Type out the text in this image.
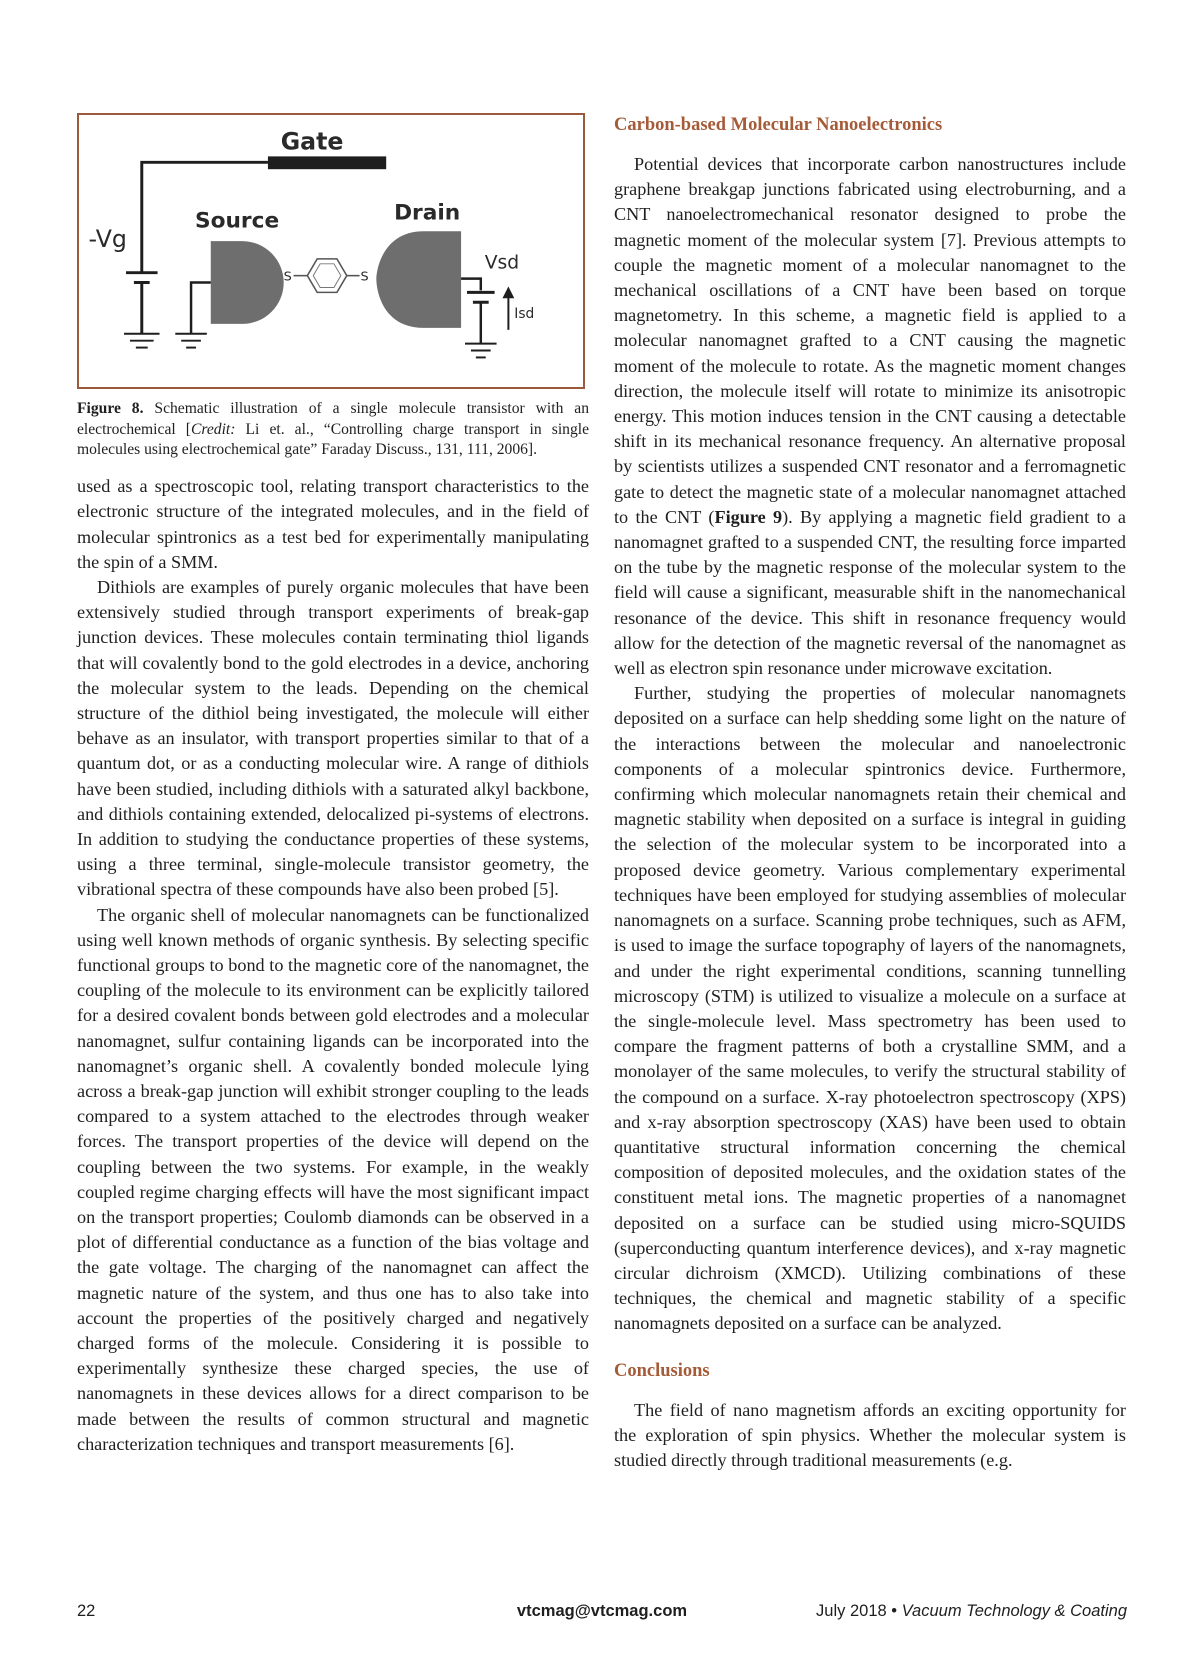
Gate
-Vg
Source
S	S
Drain
Vsd
Isd

Figure 8. Schematic illustration of a single molecule transistor with an electrochemical [Credit: Li et. al., “Controlling charge transport in single molecules using electrochemical gate” Faraday Discuss., 131, 111, 2006].

used as a spectroscopic tool, relating transport characteristics to the electronic structure of the integrated molecules, and in the field of molecular spintronics as a test bed for experimentally manipulating the spin of a SMM.

Dithiols are examples of purely organic molecules that have been extensively studied through transport experiments of break-gap junction devices. These molecules contain terminating thiol ligands that will covalently bond to the gold electrodes in a device, anchoring the molecular system to the leads. Depending on the chemical structure of the dithiol being investigated, the molecule will either behave as an insulator, with transport properties similar to that of a quantum dot, or as a conducting molecular wire. A range of dithiols have been studied, including dithiols with a saturated alkyl backbone, and dithiols containing extended, delocalized pi-systems of electrons. In addition to studying the conductance properties of these systems, using a three terminal, single-molecule transistor geometry, the vibrational spectra of these compounds have also been probed [5].

The organic shell of molecular nanomagnets can be functionalized using well known methods of organic synthesis. By selecting specific functional groups to bond to the magnetic core of the nanomagnet, the coupling of the molecule to its environment can be explicitly tailored for a desired covalent bonds between gold electrodes and a molecular nanomagnet, sulfur containing ligands can be incorporated into the nanomagnet’s organic shell. A covalently bonded molecule lying across a break-gap junction will exhibit stronger coupling to the leads compared to a system attached to the electrodes through weaker forces. The transport properties of the device will depend on the coupling between the two systems. For example, in the weakly coupled regime charging effects will have the most significant impact on the transport properties; Coulomb diamonds can be observed in a plot of differential conductance as a function of the bias voltage and the gate voltage. The charging of the nanomagnet can affect the magnetic nature of the system, and thus one has to also take into account the properties of the positively charged and negatively charged forms of the molecule. Considering it is possible to experimentally synthesize these charged species, the use of nanomagnets in these devices allows for a direct comparison to be made between the results of common structural and magnetic characterization techniques and transport measurements [6].

Carbon-based Molecular Nanoelectronics

Potential devices that incorporate carbon nanostructures include graphene breakgap junctions fabricated using electroburning, and a CNT nanoelectromechanical resonator designed to probe the magnetic moment of the molecular system [7]. Previous attempts to couple the magnetic moment of a molecular nanomagnet to the mechanical oscillations of a CNT have been based on torque magnetometry. In this scheme, a magnetic field is applied to a molecular nanomagnet grafted to a CNT causing the magnetic moment of the molecule to rotate. As the magnetic moment changes direction, the molecule itself will rotate to minimize its anisotropic energy. This motion induces tension in the CNT causing a detectable shift in its mechanical resonance frequency. An alternative proposal by scientists utilizes a suspended CNT resonator and a ferromagnetic gate to detect the magnetic state of a molecular nanomagnet attached to the CNT (Figure 9). By applying a magnetic field gradient to a nanomagnet grafted to a suspended CNT, the resulting force imparted on the tube by the magnetic response of the molecular system to the field will cause a significant, measurable shift in the nanomechanical resonance of the device. This shift in resonance frequency would allow for the detection of the magnetic reversal of the nanomagnet as well as electron spin resonance under microwave excitation.

Further, studying the properties of molecular nanomagnets deposited on a surface can help shedding some light on the nature of the interactions between the molecular and nanoelectronic components of a molecular spintronics device. Furthermore, confirming which molecular nanomagnets retain their chemical and magnetic stability when deposited on a surface is integral in guiding the selection of the molecular system to be incorporated into a proposed device geometry. Various complementary experimental techniques have been employed for studying assemblies of molecular nanomagnets on a surface. Scanning probe techniques, such as AFM, is used to image the surface topography of layers of the nanomagnets, and under the right experimental conditions, scanning tunnelling microscopy (STM) is utilized to visualize a molecule on a surface at the single-molecule level. Mass spectrometry has been used to compare the fragment patterns of both a crystalline SMM, and a monolayer of the same molecules, to verify the structural stability of the compound on a surface. X-ray photoelectron spectroscopy (XPS) and x-ray absorption spectroscopy (XAS) have been used to obtain quantitative structural information concerning the chemical composition of deposited molecules, and the oxidation states of the constituent metal ions. The magnetic properties of a nanomagnet deposited on a surface can be studied using micro-SQUIDS (superconducting quantum interference devices), and x-ray magnetic circular dichroism (XMCD). Utilizing combinations of these techniques, the chemical and magnetic stability of a specific nanomagnets deposited on a surface can be analyzed.

Conclusions

The field of nano magnetism affords an exciting opportunity for the exploration of spin physics. Whether the molecular system is studied directly through traditional measurements (e.g.

22	vtcmag@vtcmag.com	July 2018 • Vacuum Technology & Coating
